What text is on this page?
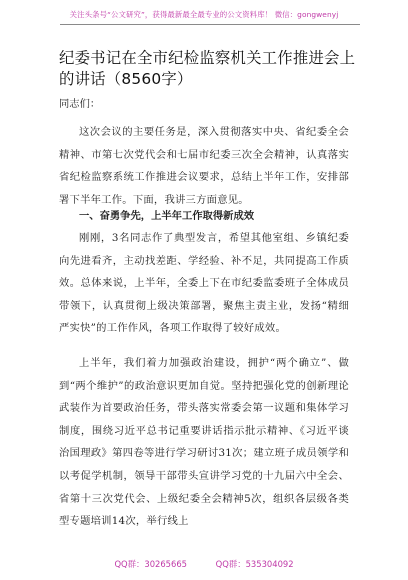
关注头条号“公文研究”，获得最新最全最专业的公文资料库！ 微信：gongwenyj
纪委书记在全市纪检监察机关工作推进会上的讲话（8560字）
同志们：
这次会议的主要任务是，深入贯彻落实中央、省纪委全会精神、市第七次党代会和七届市纪委三次全会精神，认真落实省纪检监察系统工作推进会议要求，总结上半年工作，安排部署下半年工作。下面，我讲三方面意见。
一、奋勇争先，上半年工作取得新成效
刚刚，3名同志作了典型发言，希望其他室组、乡镇纪委向先进看齐，主动找差距、学经验、补不足，共同提高工作质效。总体来说，上半年，全委上下在市纪委监委班子全体成员带领下，认真贯彻上级决策部署，聚焦主责主业，发扬“精细严实快”的工作作风，各项工作取得了较好成效。
上半年，我们着力加强政治建设，拥护“两个确立”、做到“两个维护”的政治意识更加自觉。坚持把强化党的创新理论武装作为首要政治任务，带头落实常委会第一议题和集体学习制度，围绕习近平总书记重要讲话指示批示精神、《习近平谈治国理政》第四卷等进行学习研讨31次；建立班子成员领学和以考促学机制，领导干部带头宣讲学习党的十九届六中全会、省第十三次党代会、上级纪委全会精神5次，组织各层级各类型专题培训14次，举行线上
QQ群：30265665	QQ群：535304092
